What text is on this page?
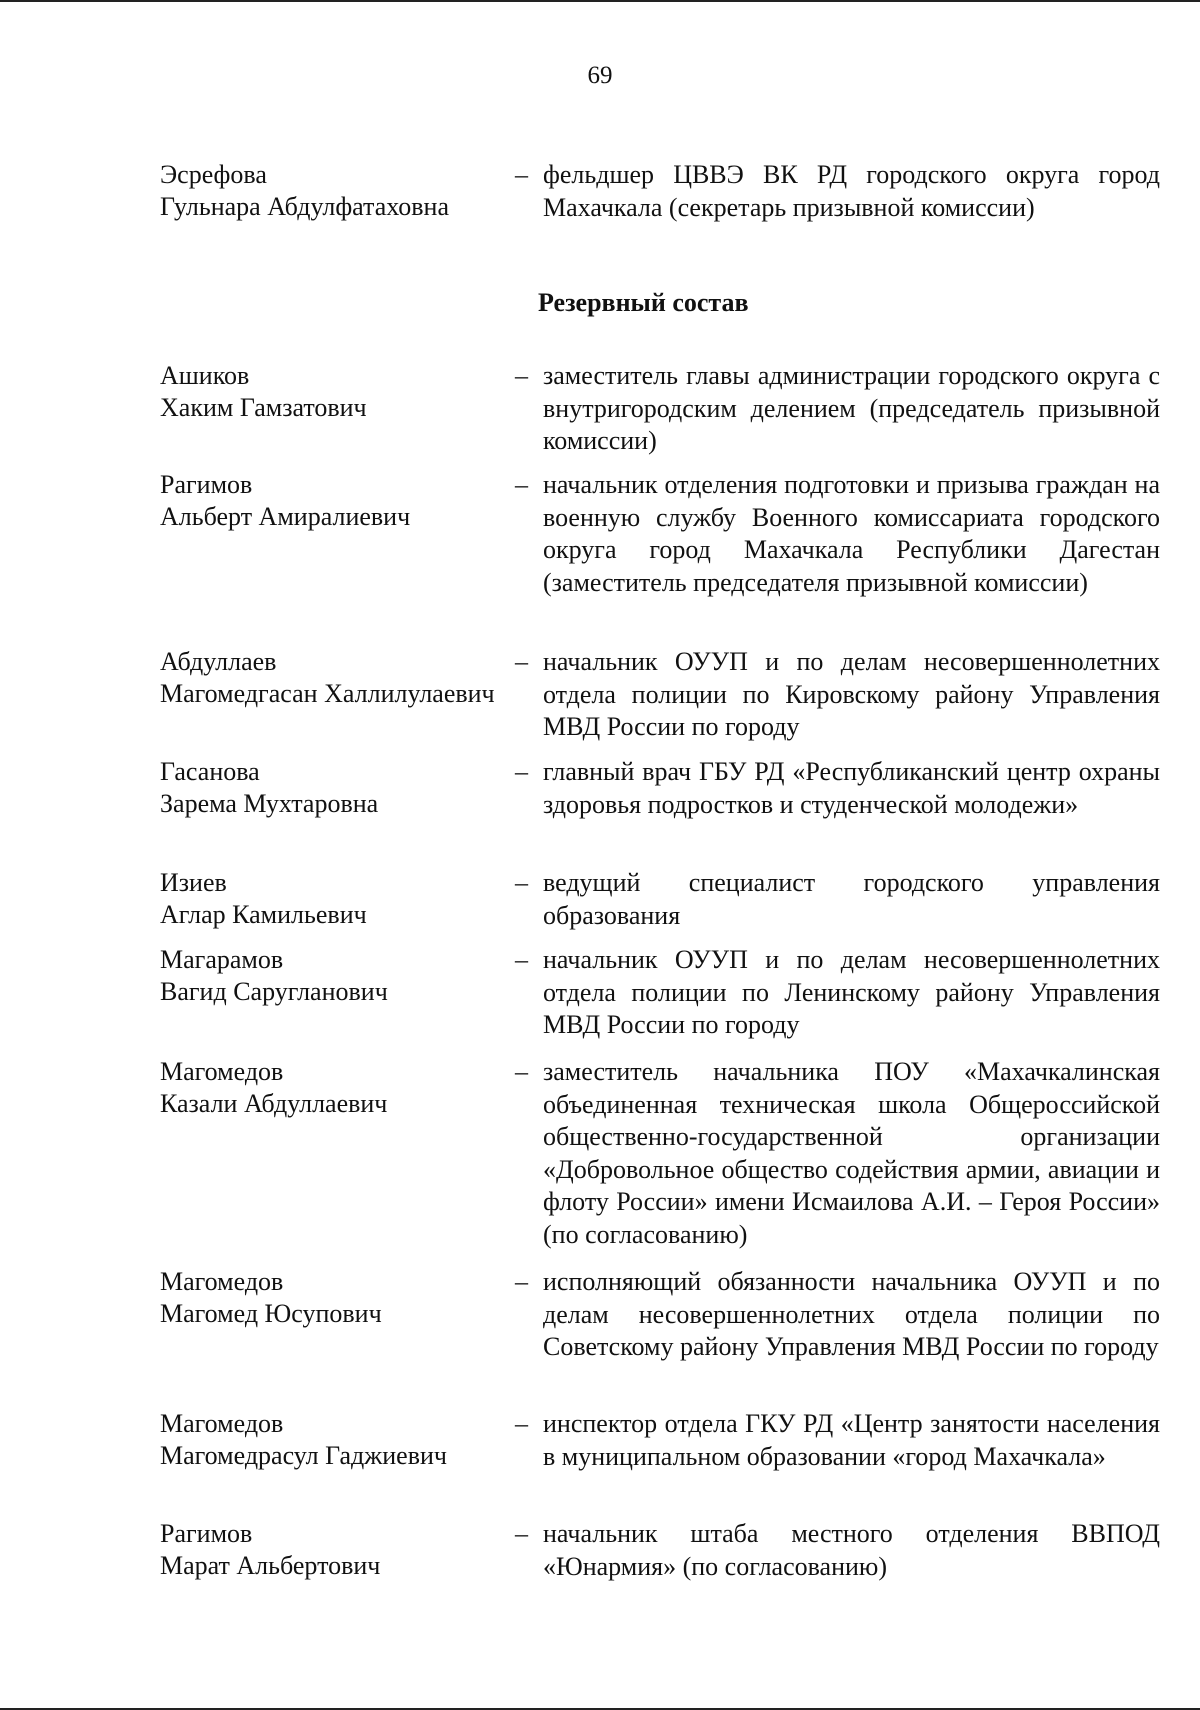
69
Эсрефова
Гульнара Абдулфатаховна
– фельдшер ЦВВЭ ВК РД городского округа город Махачкала (секретарь призывной комиссии)
Резервный состав
Ашиков
Хаким Гамзатович
– заместитель главы администрации городского округа с внутригородским делением (председатель призывной комиссии)
Рагимов
Альберт Амиралиевич
– начальник отделения подготовки и призыва граждан на военную службу Военного комиссариата городского округа город Махачкала Республики Дагестан (заместитель председателя призывной комиссии)
Абдуллаев
Магомедгасан Халлилулаевич
– начальник ОУУП и по делам несовершеннолетних отдела полиции по Кировскому району Управления МВД России по городу
Гасанова
Зарема Мухтаровна
– главный врач ГБУ РД «Республиканский центр охраны здоровья подростков и студенческой молодежи»
Изиев
Аглар Камильевич
– ведущий специалист городского управления образования
Магарамов
Вагид Саругланович
– начальник ОУУП и по делам несовершеннолетних отдела полиции по Ленинскому району Управления МВД России по городу
Магомедов
Казали Абдуллаевич
– заместитель начальника ПОУ «Махачкалинская объединенная техническая школа Общероссийской общественно-государственной организации «Добровольное общество содействия армии, авиации и флоту России» имени Исмаилова А.И. – Героя России» (по согласованию)
Магомедов
Магомед Юсупович
– исполняющий обязанности начальника ОУУП и по делам несовершеннолетних отдела полиции по Советскому району Управления МВД России по городу
Магомедов
Магомедрасул Гаджиевич
– инспектор отдела ГКУ РД «Центр занятости населения в муниципальном образовании «город Махачкала»
Рагимов
Марат Альбертович
– начальник штаба местного отделения ВВПОД «Юнармия» (по согласованию)
